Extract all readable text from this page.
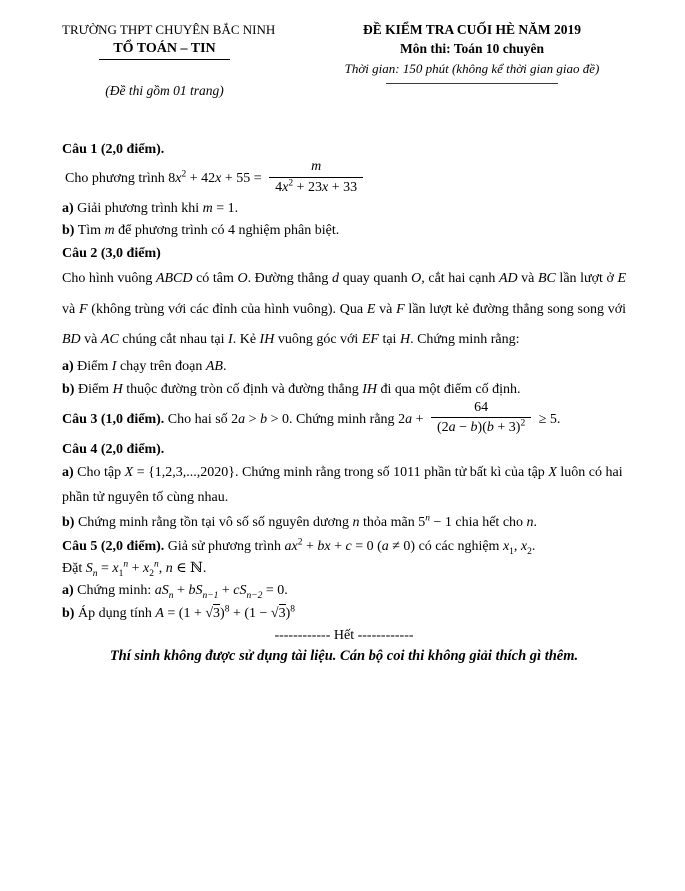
TRƯỜNG THPT CHUYÊN BẮC NINH
TỔ TOÁN – TIN
(Đề thi gồm 01 trang)
ĐỀ KIỂM TRA CUỐI HÈ NĂM 2019
Môn thi: Toán 10 chuyên
Thời gian: 150 phút (không kể thời gian giao đề)

Câu 1 (2,0 điểm).

Cho phương trình $8x^2 + 42x + 55 = \frac{m}{4x^2 + 23x + 33}$

a) Giải phương trình khi m = 1.

b) Tìm m để phương trình có 4 nghiệm phân biệt.

Câu 2 (3,0 điểm)

Cho hình vuông ABCD có tâm O. Đường thẳng d quay quanh O, cắt hai cạnh AD và BC lần lượt ở E và F (không trùng với các đỉnh của hình vuông). Qua E và F lần lượt kẻ đường thẳng song song với BD và AC chúng cắt nhau tại I. Kẻ IH vuông góc với EF tại H. Chứng minh rằng:

a) Điểm I chạy trên đoạn AB.

b) Điểm H thuộc đường tròn cố định và đường thẳng IH đi qua một điểm cố định.

Câu 3 (1,0 điểm). Cho hai số 2a > b > 0. Chứng minh rằng $2a + \frac{64}{(2a - b)(b + 3)^2} \ge 5$.

Câu 4 (2,0 điểm).

a) Cho tập X = {1,2,3,...,2020}. Chứng minh rằng trong số 1011 phần tử bất kì của tập X luôn có hai phần tử nguyên tố cùng nhau.

b) Chứng minh rằng tồn tại vô số số nguyên dương n thỏa mãn $5^n - 1$ chia hết cho n.

Câu 5 (2,0 điểm). Giả sử phương trình $ax^2$ + bx + c = 0 (a ≠ 0) có các nghiệm $x_1$, $x_2$.

Đặt $S_n = x_1^n + x_2^n$, n ∈ ℕ.

a) Chứng minh: $aS_n + bS_{n-1} + cS_{n-2} = 0$.

b) Áp dụng tính $A = (1 + √3)^8 + (1 - √3)^8$

------------ Hết ------------

Thí sinh không được sử dụng tài liệu. Cán bộ coi thi không giải thích gì thêm.
